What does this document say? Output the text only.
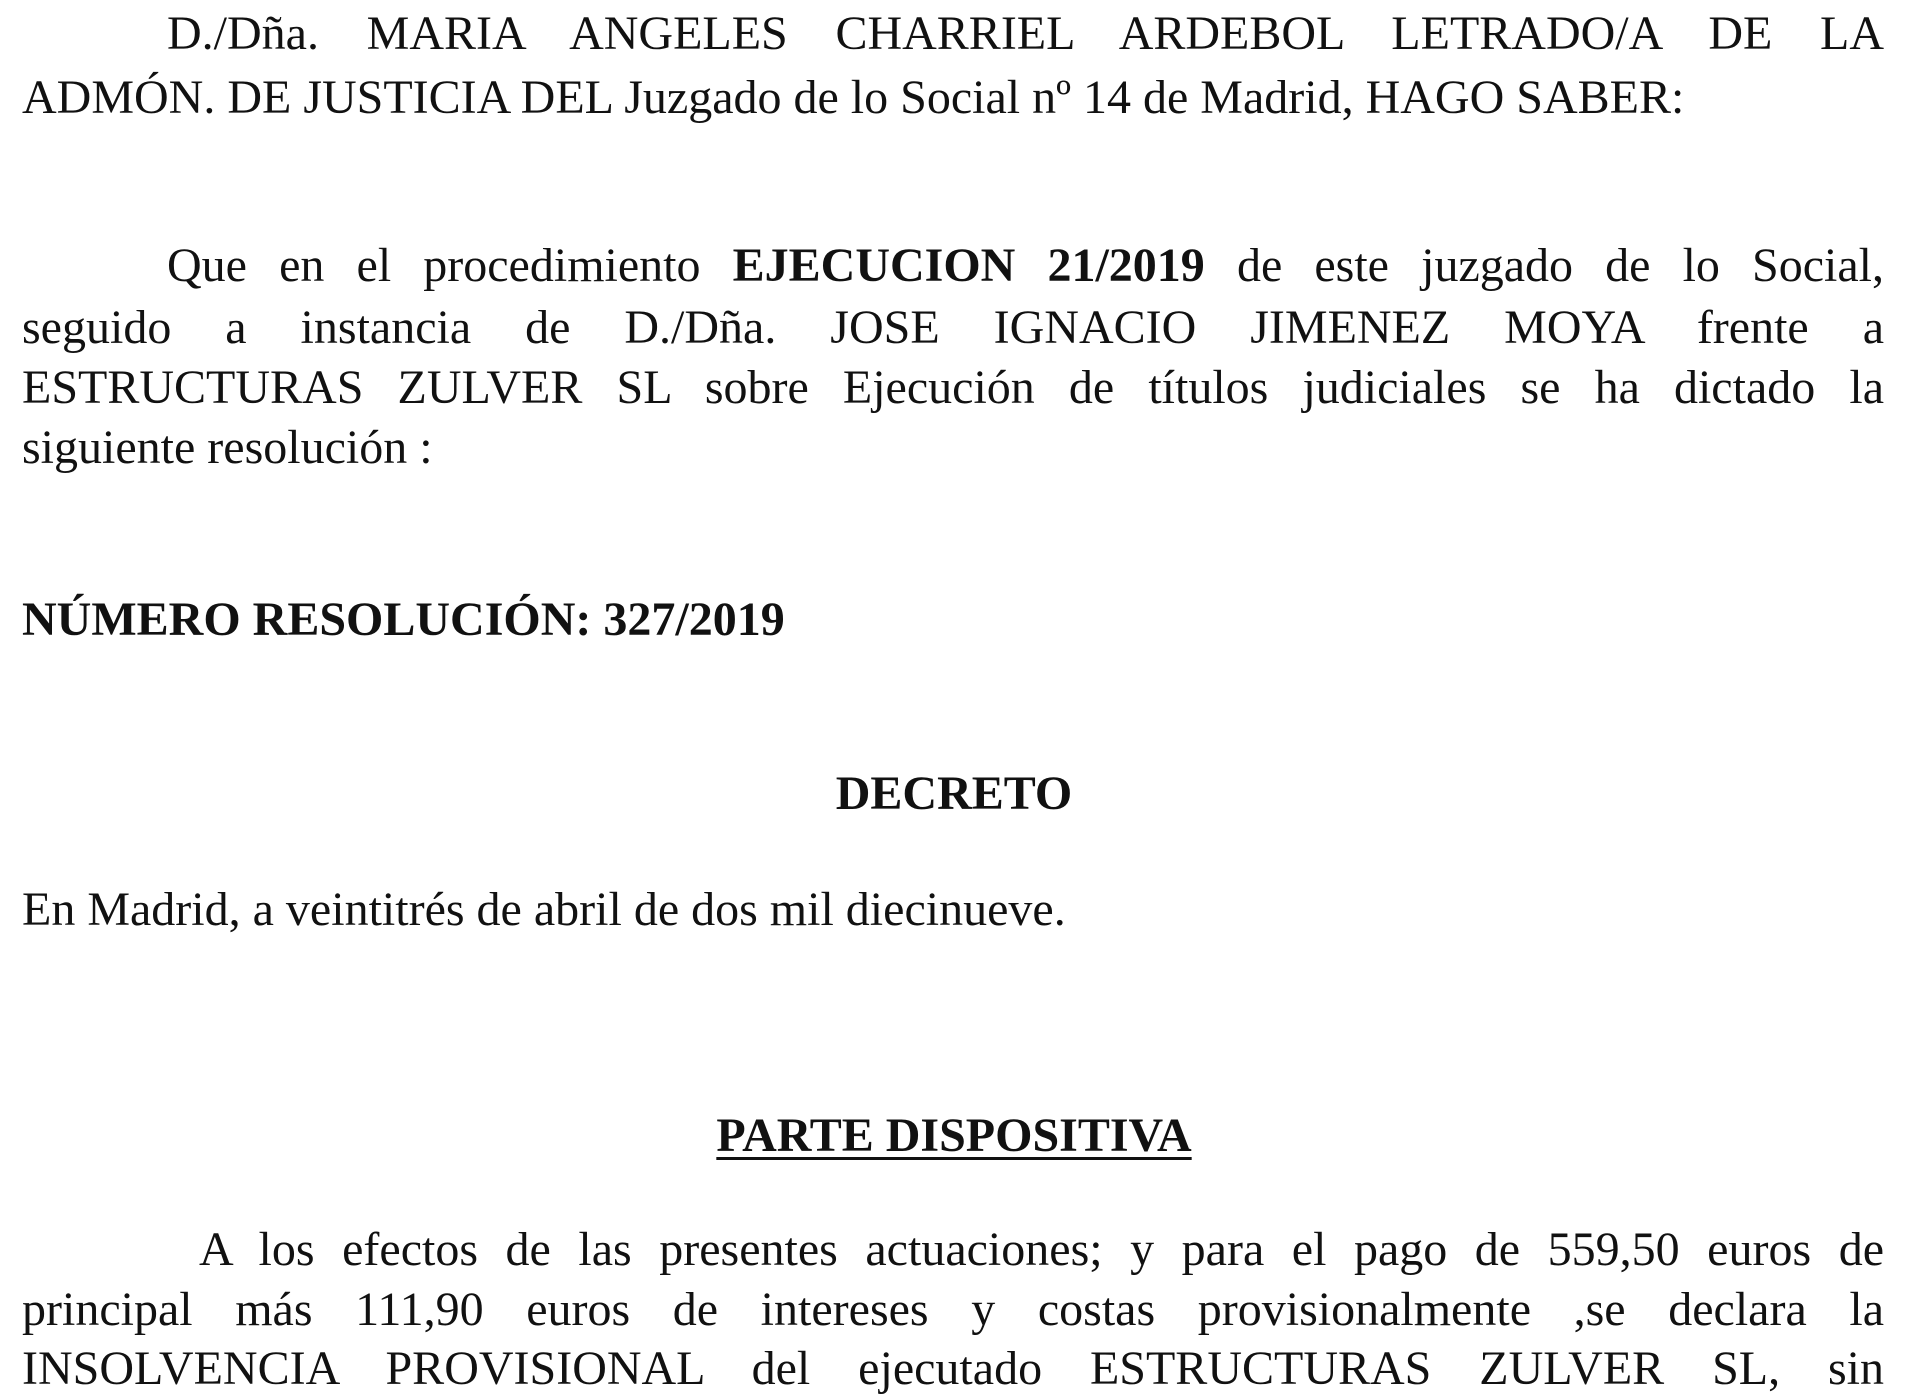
D./Dña. MARIA ANGELES CHARRIEL ARDEBOL LETRADO/A DE LA
ADMÓN. DE JUSTICIA DEL Juzgado de lo Social nº 14 de Madrid, HAGO SABER:
Que en el procedimiento EJECUCION 21/2019 de este juzgado de lo Social,
seguido a instancia de D./Dña. JOSE IGNACIO JIMENEZ MOYA frente a
ESTRUCTURAS ZULVER SL sobre Ejecución de títulos judiciales se ha dictado la
siguiente resolución :
NÚMERO RESOLUCIÓN: 327/2019
DECRETO
En Madrid, a veintitrés de abril de dos mil diecinueve.
PARTE DISPOSITIVA
A los efectos de las presentes actuaciones; y para el pago de 559,50 euros de
principal más 111,90 euros de intereses y costas provisionalmente ,se declara la
INSOLVENCIA PROVISIONAL del ejecutado ESTRUCTURAS ZULVER SL, sin
